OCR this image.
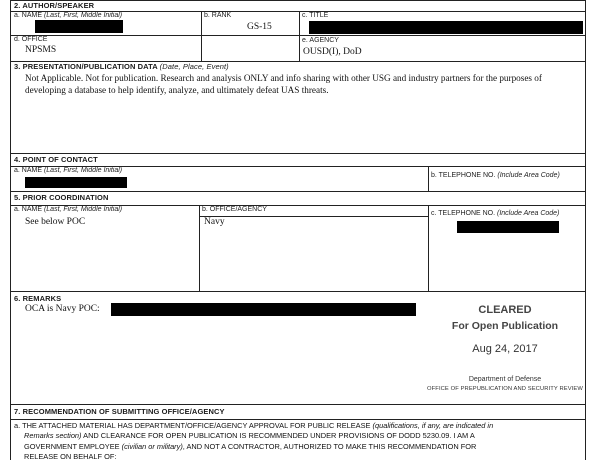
2. AUTHOR/SPEAKER
a. NAME (Last, First, Middle Initial)	b. RANK
GS-15
c. TITLE
d. OFFICE
NPSMS
e. AGENCY
OUSD(I), DoD
3. PRESENTATION/PUBLICATION DATA (Date, Place, Event)
Not Applicable. Not for publication. Research and analysis ONLY and info sharing with other USG and industry partners for the purposes of
developing a database to help identify, analyze, and ultimately defeat UAS threats.
4. POINT OF CONTACT
a. NAME (Last, First, Middle Initial)
b. TELEPHONE NO. (Include Area Code)
5. PRIOR COORDINATION
a. NAME (Last, First, Middle Initial)
See below POC
b. OFFICE/AGENCY
Navy
c. TELEPHONE NO. (Include Area Code)
6. REMARKS
OCA is Navy POC:
7. RECOMMENDATION OF SUBMITTING OFFICE/AGENCY
a. THE ATTACHED MATERIAL HAS DEPARTMENT/OFFICE/AGENCY APPROVAL FOR PUBLIC RELEASE (qualifications, if any, are indicated in
Remarks section) AND CLEARANCE FOR OPEN PUBLICATION IS RECOMMENDED UNDER PROVISIONS OF DODD 5230.09. I AM A
GOVERNMENT EMPLOYEE (civilian or military), AND NOT A CONTRACTOR, AUTHORIZED TO MAKE THIS RECOMMENDATION FOR
RELEASE ON BEHALF OF:
CLEARED
For Open Publication
Aug 24, 2017
Department of Defense
OFFICE OF PREPUBLICATION AND SECURITY REVIEW
